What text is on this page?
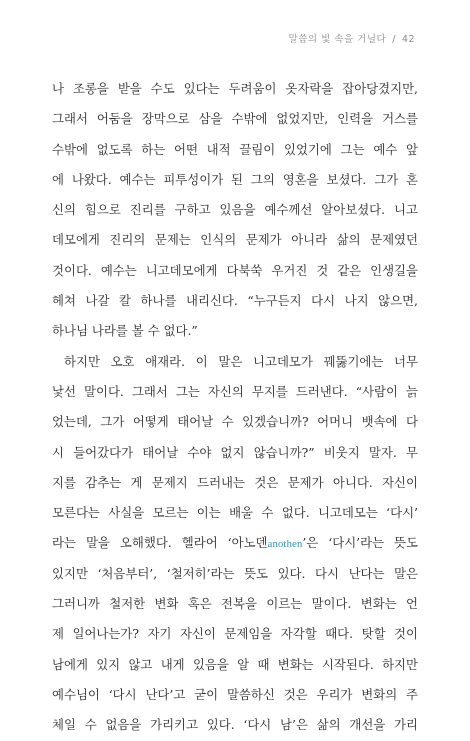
말씀의 빛 속을 거닐다 / 42
나 조롱을 받을 수도 있다는 두려움이 옷자락을 잡아당겼지만,
그래서 어둠을 장막으로 삼을 수밖에 없었지만, 인력을 거스를
수밖에 없도록 하는 어떤 내적 끌림이 있었기에 그는 예수 앞
에 나왔다. 예수는 피투성이가 된 그의 영혼을 보셨다. 그가 혼
신의 힘으로 진리를 구하고 있음을 예수께선 알아보셨다. 니고
데모에게 진리의 문제는 인식의 문제가 아니라 삶의 문제였던
것이다. 예수는 니고데모에게 다북쑥 우거진 것 같은 인생길을
헤쳐 나갈 칼 하나를 내리신다. “누구든지 다시 나지 않으면,
하나님 나라를 볼 수 없다.”
하지만 오호 애재라. 이 말은 니고데모가 꿰뚫기에는 너무
낯선 말이다. 그래서 그는 자신의 무지를 드러낸다. “사람이 늙
었는데, 그가 어떻게 태어날 수 있겠습니까? 어머니 뱃속에 다
시 들어갔다가 태어날 수야 없지 않습니까?” 비웃지 말자. 무
지를 감추는 게 문제지 드러내는 것은 문제가 아니다. 자신이
모른다는 사실을 모르는 이는 배울 수 없다. 니고데모는 ‘다시’
라는 말을 오해했다. 헬라어 ‘아노덴anothen’은 ‘다시’라는 뜻도
있지만 ‘처음부터’, ‘철저히’라는 뜻도 있다. 다시 난다는 말은
그러니까 철저한 변화 혹은 전복을 이르는 말이다. 변화는 언
제 일어나는가? 자기 자신이 문제임을 자각할 때다. 탓할 것이
남에게 있지 않고 내게 있음을 알 때 변화는 시작된다. 하지만
예수님이 ‘다시 난다’고 굳이 말씀하신 것은 우리가 변화의 주
체일 수 없음을 가리키고 있다. ‘다시 남’은 삶의 개선을 가리
